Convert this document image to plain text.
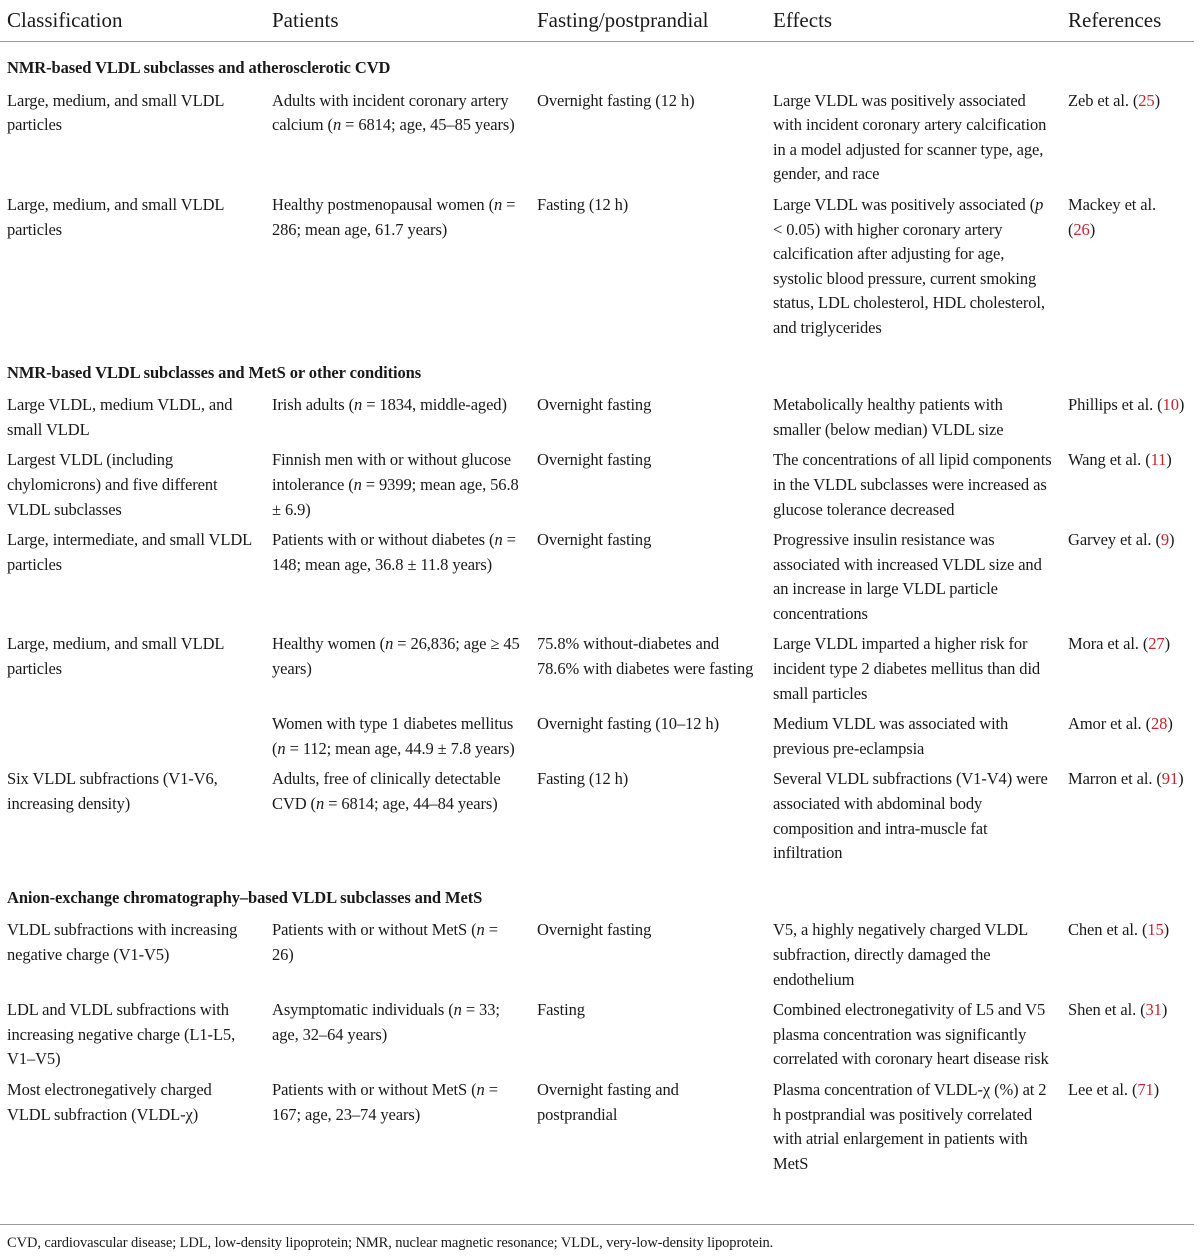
Classification	Patients	Fasting/postprandial	Effects	References
NMR-based VLDL subclasses and atherosclerotic CVD				
Large, medium, and small VLDL particles	Adults with incident coronary artery calcium (n = 6814; age, 45–85 years)	Overnight fasting (12 h)	Large VLDL was positively associated with incident coronary artery calcification in a model adjusted for scanner type, age, gender, and race	Zeb et al. (25)
Large, medium, and small VLDL particles	Healthy postmenopausal women (n = 286; mean age, 61.7 years)	Fasting (12 h)	Large VLDL was positively associated (p < 0.05) with higher coronary artery calcification after adjusting for age, systolic blood pressure, current smoking status, LDL cholesterol, HDL cholesterol, and triglycerides	Mackey et al. (26)
NMR-based VLDL subclasses and MetS or other conditions				
Large VLDL, medium VLDL, and small VLDL	Irish adults (n = 1834, middle-aged)	Overnight fasting	Metabolically healthy patients with smaller (below median) VLDL size	Phillips et al. (10)
Largest VLDL (including chylomicrons) and five different VLDL subclasses	Finnish men with or without glucose intolerance (n = 9399; mean age, 56.8 ± 6.9)	Overnight fasting	The concentrations of all lipid components in the VLDL subclasses were increased as glucose tolerance decreased	Wang et al. (11)
Large, intermediate, and small VLDL particles	Patients with or without diabetes (n = 148; mean age, 36.8 ± 11.8 years)	Overnight fasting	Progressive insulin resistance was associated with increased VLDL size and an increase in large VLDL particle concentrations	Garvey et al. (9)
Large, medium, and small VLDL particles	Healthy women (n = 26,836; age ≥ 45 years)	75.8% without-diabetes and 78.6% with diabetes were fasting	Large VLDL imparted a higher risk for incident type 2 diabetes mellitus than did small particles	Mora et al. (27)
	Women with type 1 diabetes mellitus (n = 112; mean age, 44.9 ± 7.8 years)	Overnight fasting (10–12 h)	Medium VLDL was associated with previous pre-eclampsia	Amor et al. (28)
Six VLDL subfractions (V1-V6, increasing density)	Adults, free of clinically detectable CVD (n = 6814; age, 44–84 years)	Fasting (12 h)	Several VLDL subfractions (V1-V4) were associated with abdominal body composition and intra-muscle fat infiltration	Marron et al. (91)
Anion-exchange chromatography–based VLDL subclasses and MetS				
VLDL subfractions with increasing negative charge (V1-V5)	Patients with or without MetS (n = 26)	Overnight fasting	V5, a highly negatively charged VLDL subfraction, directly damaged the endothelium	Chen et al. (15)
LDL and VLDL subfractions with increasing negative charge (L1-L5, V1–V5)	Asymptomatic individuals (n = 33; age, 32–64 years)	Fasting	Combined electronegativity of L5 and V5 plasma concentration was significantly correlated with coronary heart disease risk	Shen et al. (31)
Most electronegatively charged VLDL subfraction (VLDL-χ)	Patients with or without MetS (n = 167; age, 23–74 years)	Overnight fasting and postprandial	Plasma concentration of VLDL-χ (%) at 2 h postprandial was positively correlated with atrial enlargement in patients with MetS	Lee et al. (71)
CVD, cardiovascular disease; LDL, low-density lipoprotein; NMR, nuclear magnetic resonance; VLDL, very-low-density lipoprotein.
